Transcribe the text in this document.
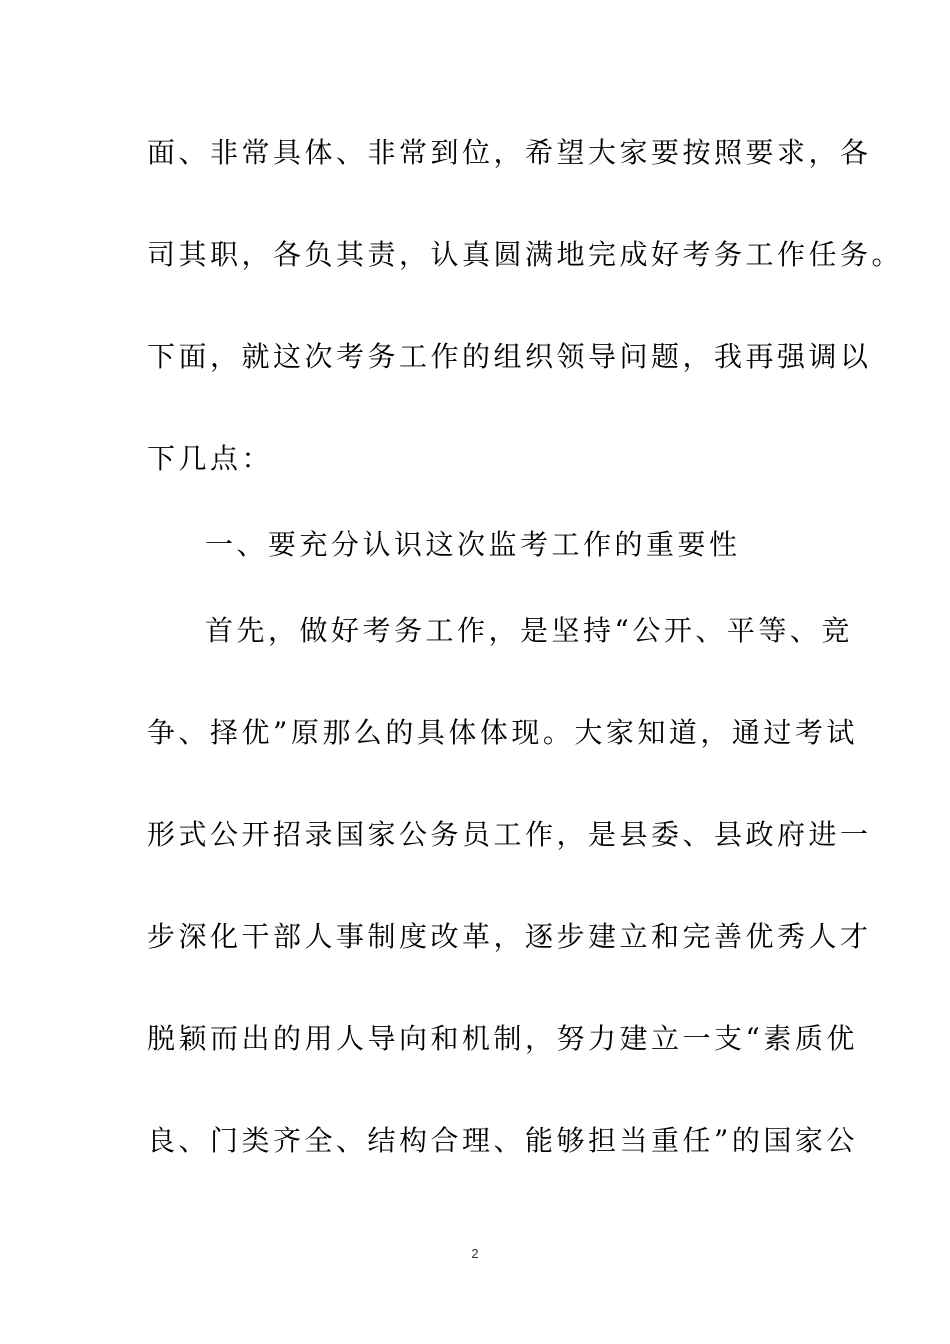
面、非常具体、非常到位，希望大家要按照要求，各
司其职，各负其责，认真圆满地完成好考务工作任务。
下面，就这次考务工作的组织领导问题，我再强调以
下几点：
一、要充分认识这次监考工作的重要性
首先，做好考务工作，是坚持“公开、平等、竞
争、择优”原那么的具体体现。大家知道，通过考试
形式公开招录国家公务员工作，是县委、县政府进一
步深化干部人事制度改革，逐步建立和完善优秀人才
脱颖而出的用人导向和机制，努力建立一支“素质优
良、门类齐全、结构合理、能够担当重任”的国家公
2
